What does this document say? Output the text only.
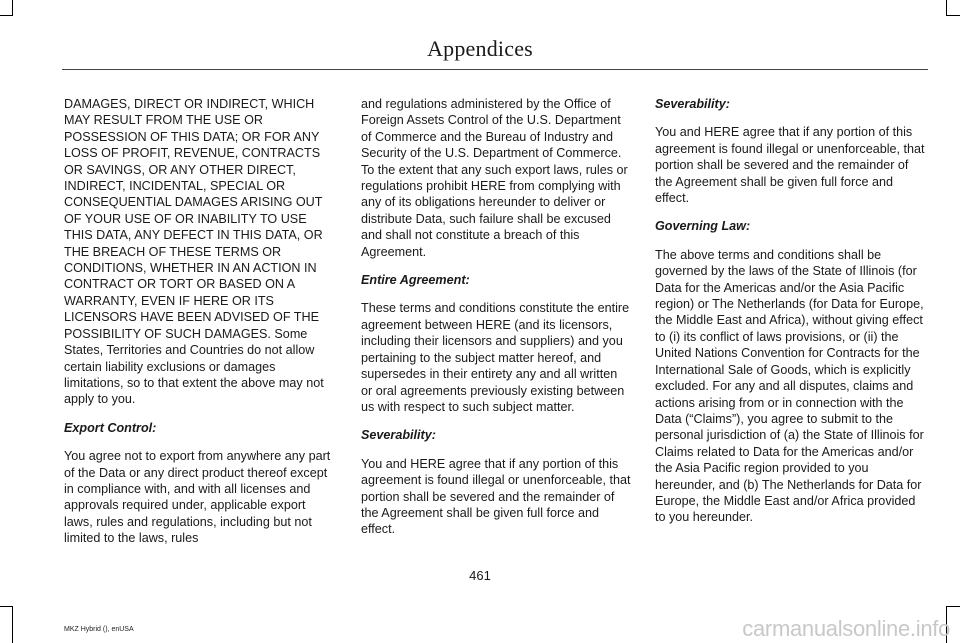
Appendices

DAMAGES, DIRECT OR INDIRECT, WHICH MAY RESULT FROM THE USE OR POSSESSION OF THIS DATA; OR FOR ANY LOSS OF PROFIT, REVENUE, CONTRACTS OR SAVINGS, OR ANY OTHER DIRECT, INDIRECT, INCIDENTAL, SPECIAL OR CONSEQUENTIAL DAMAGES ARISING OUT OF YOUR USE OF OR INABILITY TO USE THIS DATA, ANY DEFECT IN THIS DATA, OR THE BREACH OF THESE TERMS OR CONDITIONS, WHETHER IN AN ACTION IN CONTRACT OR TORT OR BASED ON A WARRANTY, EVEN IF HERE OR ITS LICENSORS HAVE BEEN ADVISED OF THE POSSIBILITY OF SUCH DAMAGES. Some States, Territories and Countries do not allow certain liability exclusions or damages limitations, so to that extent the above may not apply to you.

Export Control:

You agree not to export from anywhere any part of the Data or any direct product thereof except in compliance with, and with all licenses and approvals required under, applicable export laws, rules and regulations, including but not limited to the laws, rules

and regulations administered by the Office of Foreign Assets Control of the U.S. Department of Commerce and the Bureau of Industry and Security of the U.S. Department of Commerce. To the extent that any such export laws, rules or regulations prohibit HERE from complying with any of its obligations hereunder to deliver or distribute Data, such failure shall be excused and shall not constitute a breach of this Agreement.

Entire Agreement:

These terms and conditions constitute the entire agreement between HERE (and its licensors, including their licensors and suppliers) and you pertaining to the subject matter hereof, and supersedes in their entirety any and all written or oral agreements previously existing between us with respect to such subject matter.

Severability:

You and HERE agree that if any portion of this agreement is found illegal or unenforceable, that portion shall be severed and the remainder of the Agreement shall be given full force and effect.

Severability:

You and HERE agree that if any portion of this agreement is found illegal or unenforceable, that portion shall be severed and the remainder of the Agreement shall be given full force and effect.

Governing Law:

The above terms and conditions shall be governed by the laws of the State of Illinois (for Data for the Americas and/or the Asia Pacific region) or The Netherlands (for Data for Europe, the Middle East and Africa), without giving effect to (i) its conflict of laws provisions, or (ii) the United Nations Convention for Contracts for the International Sale of Goods, which is explicitly excluded. For any and all disputes, claims and actions arising from or in connection with the Data (“Claims”), you agree to submit to the personal jurisdiction of (a) the State of Illinois for Claims related to Data for the Americas and/or the Asia Pacific region provided to you hereunder, and (b) The Netherlands for Data for Europe, the Middle East and/or Africa provided to you hereunder.

461
MKZ Hybrid (), enUSA	carmanualsonline.info
